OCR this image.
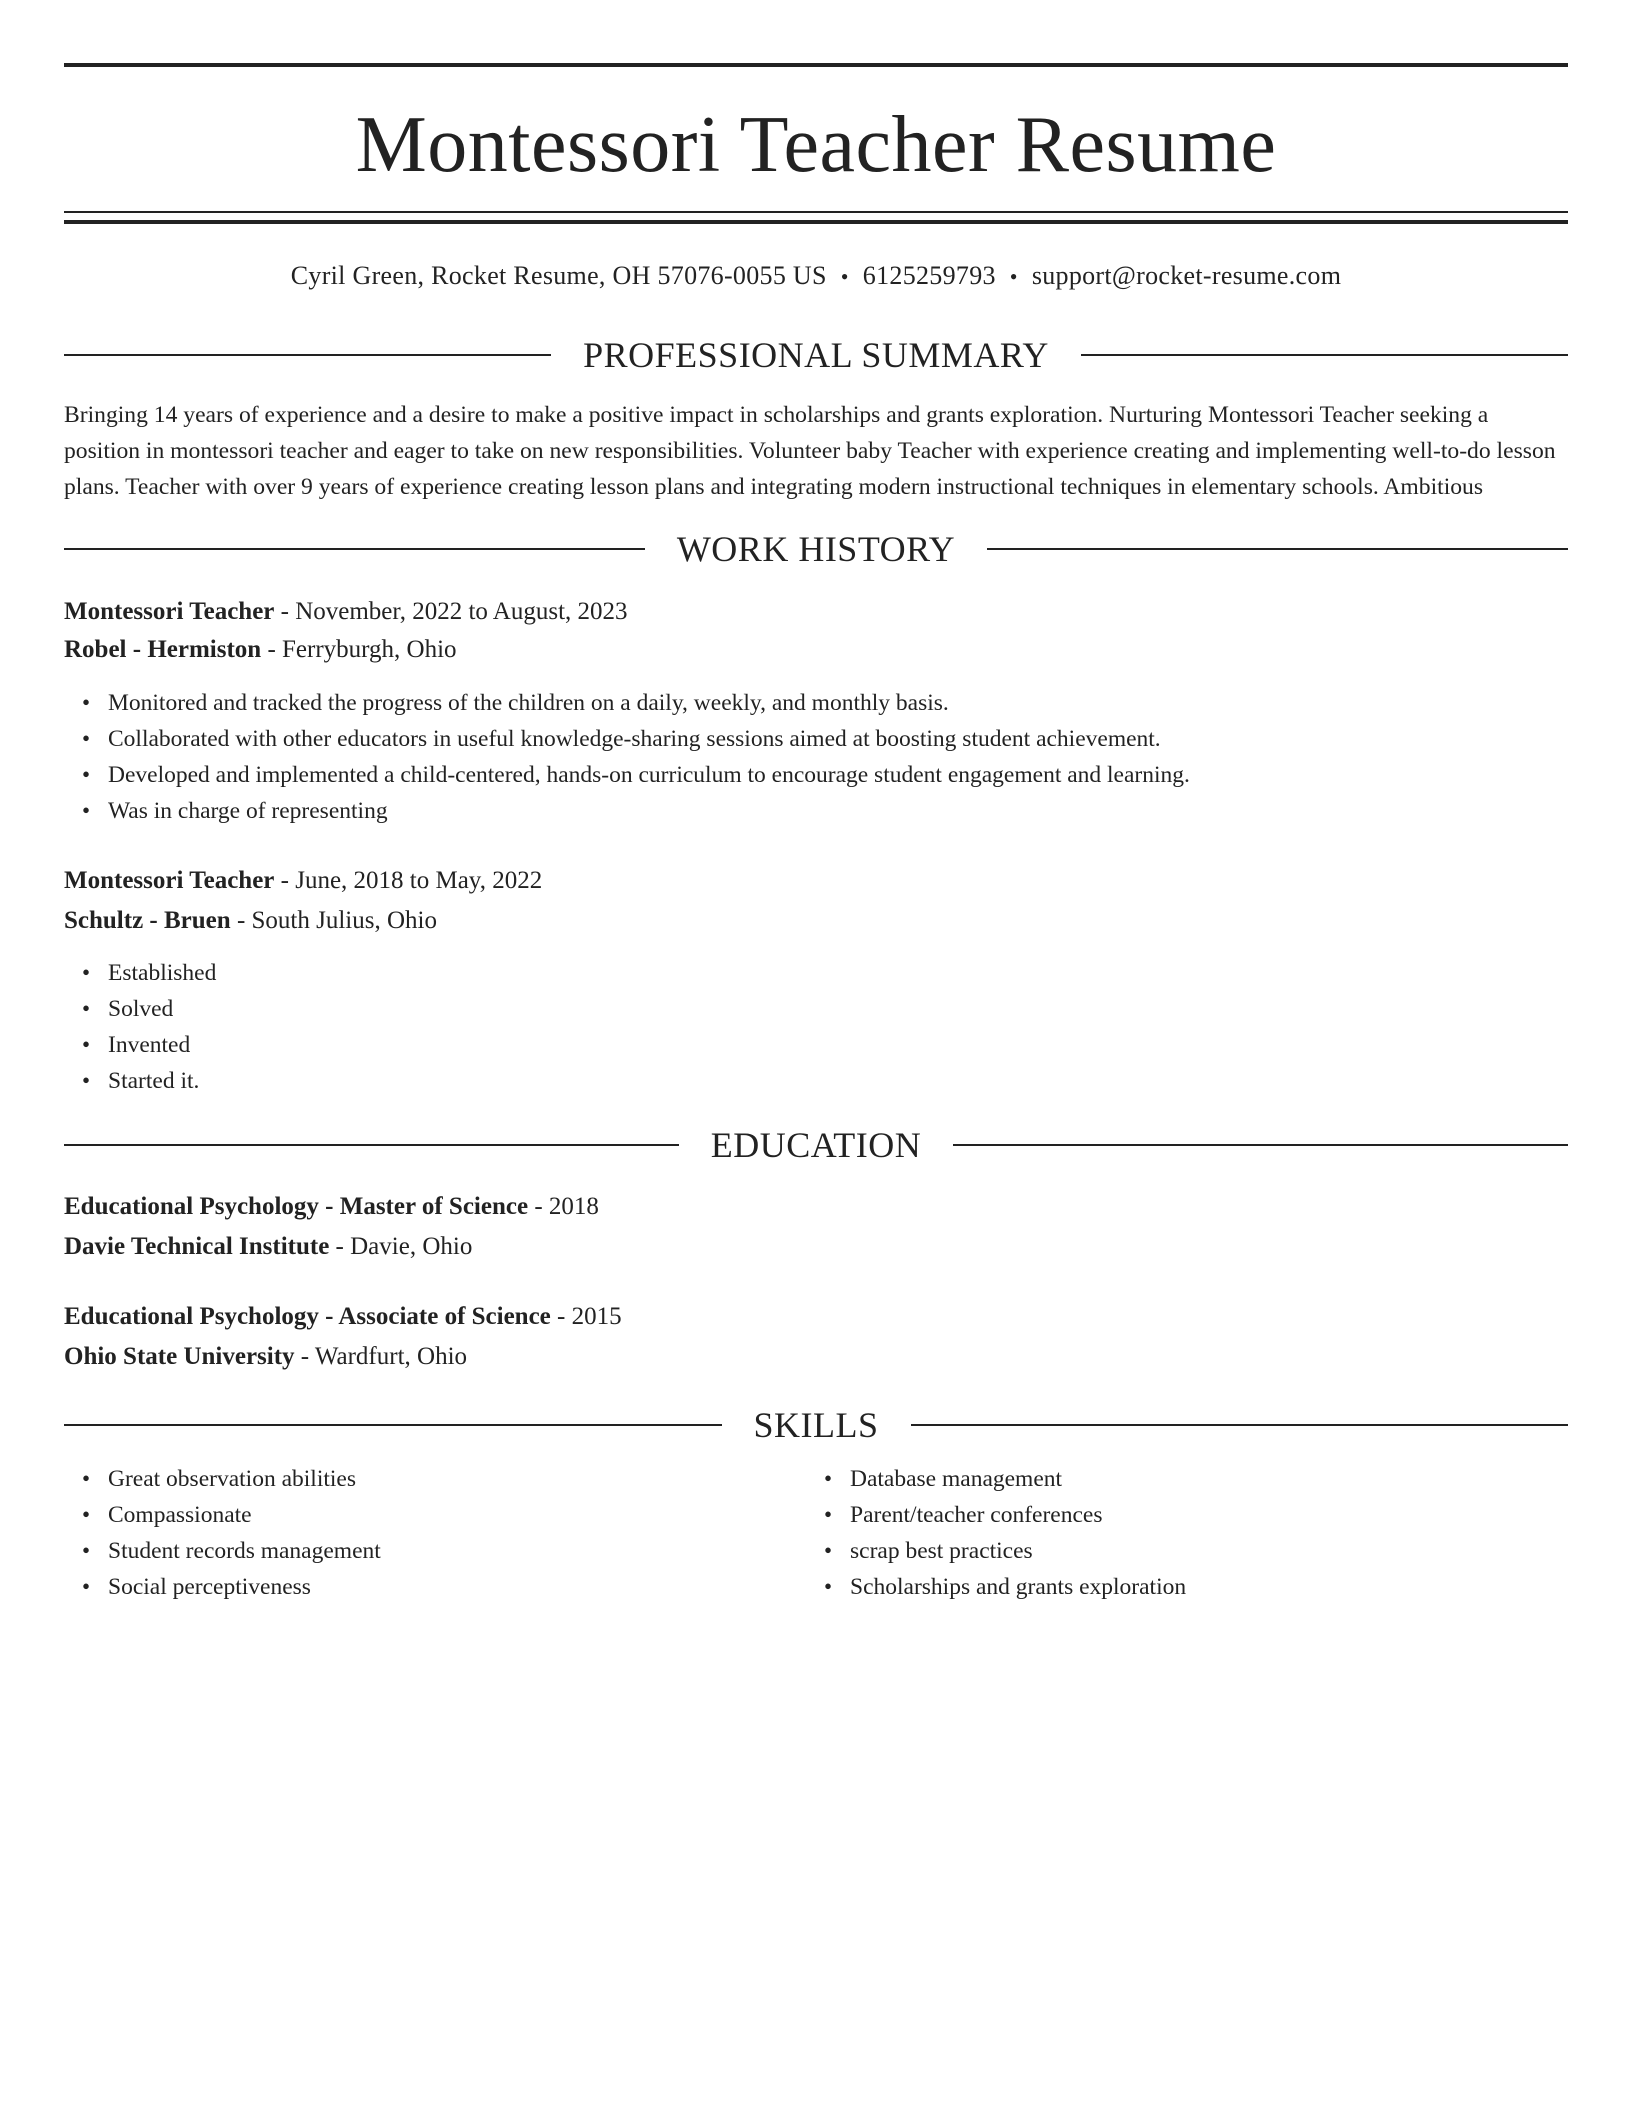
Montessori Teacher Resume
Cyril Green, Rocket Resume, OH 57076-0055 US • 6125259793 • support@rocket-resume.com
PROFESSIONAL SUMMARY
Bringing 14 years of experience and a desire to make a positive impact in scholarships and grants exploration. Nurturing Montessori Teacher seeking a position in montessori teacher and eager to take on new responsibilities. Volunteer baby Teacher with experience creating and implementing well-to-do lesson plans. Teacher with over 9 years of experience creating lesson plans and integrating modern instructional techniques in elementary schools. Ambitious
WORK HISTORY
Montessori Teacher - November, 2022 to August, 2023
Robel - Hermiston - Ferryburgh, Ohio
• Monitored and tracked the progress of the children on a daily, weekly, and monthly basis.
• Collaborated with other educators in useful knowledge-sharing sessions aimed at boosting student achievement.
• Developed and implemented a child-centered, hands-on curriculum to encourage student engagement and learning.
• Was in charge of representing
Montessori Teacher - June, 2018 to May, 2022
Schultz - Bruen - South Julius, Ohio
• Established
• Solved
• Invented
• Started it.
EDUCATION
Educational Psychology - Master of Science - 2018
Davie Technical Institute - Davie, Ohio
Educational Psychology - Associate of Science - 2015
Ohio State University - Wardfurt, Ohio
SKILLS
• Great observation abilities
• Compassionate
• Student records management
• Social perceptiveness
• Database management
• Parent/teacher conferences
• scrap best practices
• Scholarships and grants exploration
